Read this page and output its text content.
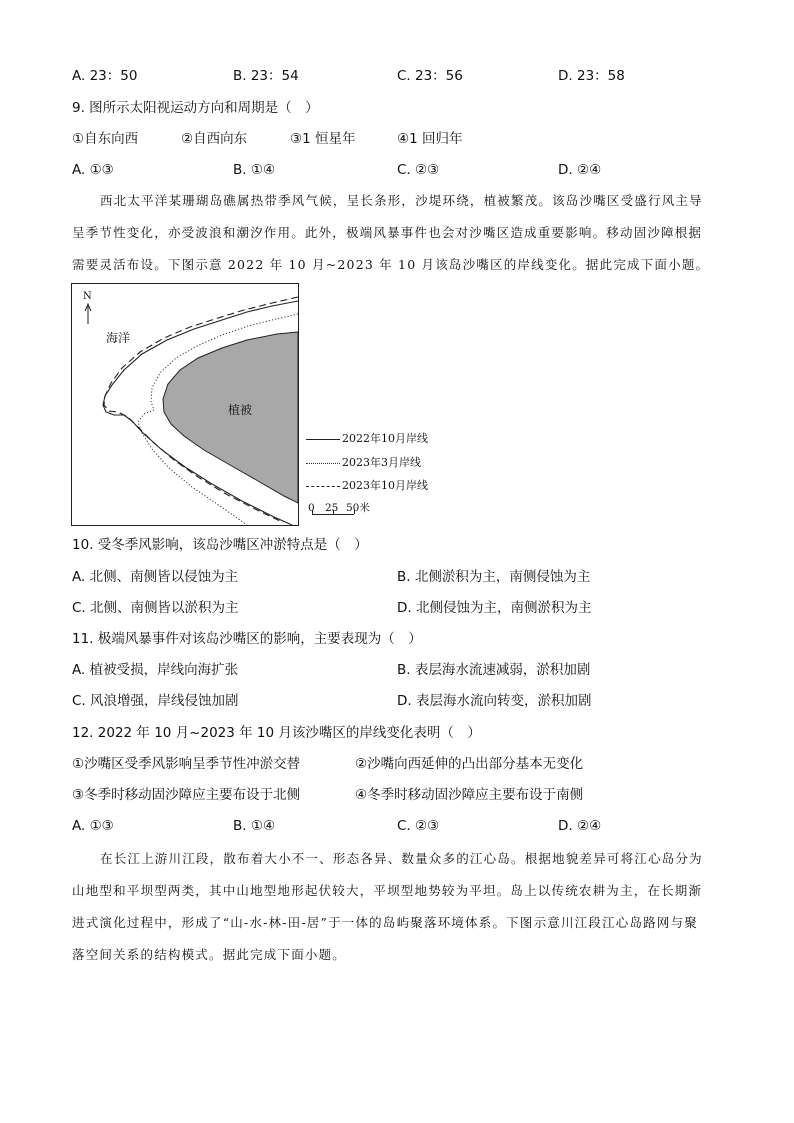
A. 23：50	B. 23：54	C. 23：56	D. 23：58
9. 图所示太阳视运动方向和周期是（　）
①自东向西	②自西向东	③1 恒星年	④1 回归年
A. ①③	B. ①④	C. ②③	D. ②④
西北太平洋某珊瑚岛礁属热带季风气候，呈长条形，沙堤环绕，植被繁茂。该岛沙嘴区受盛行风主导
呈季节性变化，亦受波浪和潮汐作用。此外，极端风暴事件也会对沙嘴区造成重要影响。移动固沙障根据
需要灵活布设。下图示意 2022 年 10 月~2023 年 10 月该岛沙嘴区的岸线变化。据此完成下面小题。
N
海洋
植被
2022年10月岸线
2023年3月岸线
2023年10月岸线
0 25 50米
10. 受冬季风影响，该岛沙嘴区冲淤特点是（　）
A. 北侧、南侧皆以侵蚀为主	B. 北侧淤积为主，南侧侵蚀为主
C. 北侧、南侧皆以淤积为主	D. 北侧侵蚀为主，南侧淤积为主
11. 极端风暴事件对该岛沙嘴区的影响，主要表现为（　）
A. 植被受损，岸线向海扩张	B. 表层海水流速减弱，淤积加剧
C. 风浪增强，岸线侵蚀加剧	D. 表层海水流向转变，淤积加剧
12. 2022 年 10 月~2023 年 10 月该沙嘴区的岸线变化表明（　）
①沙嘴区受季风影响呈季节性冲淤交替	②沙嘴向西延伸的凸出部分基本无变化
③冬季时移动固沙障应主要布设于北侧	④冬季时移动固沙障应主要布设于南侧
A. ①③	B. ①④	C. ②③	D. ②④
在长江上游川江段，散布着大小不一、形态各异、数量众多的江心岛。根据地貌差异可将江心岛分为
山地型和平坝型两类，其中山地型地形起伏较大，平坝型地势较为平坦。岛上以传统农耕为主，在长期渐
进式演化过程中，形成了“山-水-林-田-居”于一体的岛屿聚落环境体系。下图示意川江段江心岛路网与聚
落空间关系的结构模式。据此完成下面小题。
